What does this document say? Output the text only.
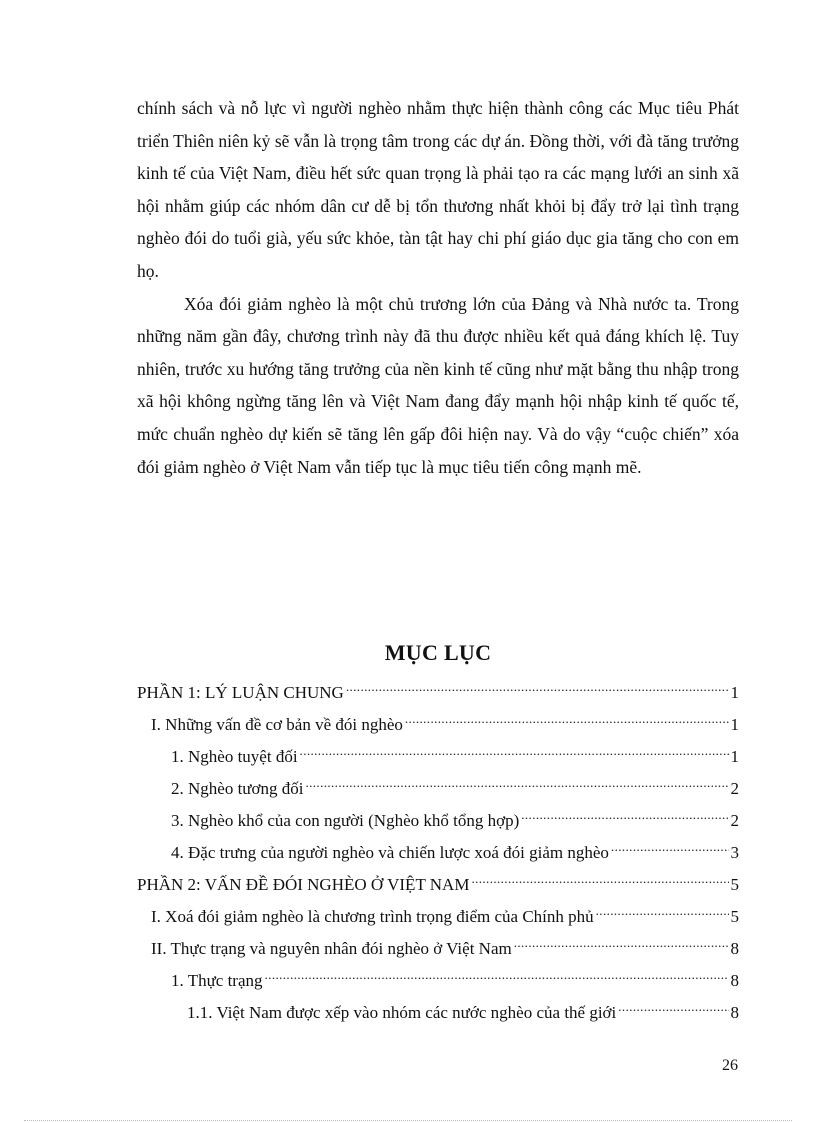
chính sách và nỗ lực vì người nghèo nhằm thực hiện thành công các Mục tiêu Phát triển Thiên niên kỷ sẽ vẫn là trọng tâm trong các dự án. Đồng thời, với đà tăng trưởng kinh tế của Việt Nam, điều hết sức quan trọng là phải tạo ra các mạng lưới an sinh xã hội nhằm giúp các nhóm dân cư dễ bị tổn thương nhất khỏi bị đẩy trở lại tình trạng nghèo đói do tuổi già, yếu sức khỏe, tàn tật hay chi phí giáo dục gia tăng cho con em họ.

Xóa đói giảm nghèo là một chủ trương lớn của Đảng và Nhà nước ta. Trong những năm gần đây, chương trình này đã thu được nhiều kết quả đáng khích lệ. Tuy nhiên, trước xu hướng tăng trưởng của nền kinh tế cũng như mặt bằng thu nhập trong xã hội không ngừng tăng lên và Việt Nam đang đẩy mạnh hội nhập kinh tế quốc tế, mức chuẩn nghèo dự kiến sẽ tăng lên gấp đôi hiện nay. Và do vậy “cuộc chiến” xóa đói giảm nghèo ở Việt Nam vẫn tiếp tục là mục tiêu tiến công mạnh mẽ.

MỤC LỤC
PHẦN 1: LÝ LUẬN CHUNG .....	1
I. Những vấn đề cơ bản về đói nghèo .....	1
1. Nghèo tuyệt đối .....	1
2. Nghèo tương đối .....	2
3. Nghèo khổ của con người (Nghèo khổ tổng hợp) .....	2
4. Đặc trưng của người nghèo và chiến lược xoá đói giảm nghèo .....	3
PHẦN 2: VẤN ĐỀ ĐÓI NGHÈO Ở VIỆT NAM .....	5
I. Xoá đói giảm nghèo là chương trình trọng điểm của Chính phủ .....	5
II. Thực trạng và nguyên nhân đói nghèo ở Việt Nam .....	8
1. Thực trạng .....	8
1.1. Việt Nam được xếp vào nhóm các nước nghèo của thế giới .....	8
26
